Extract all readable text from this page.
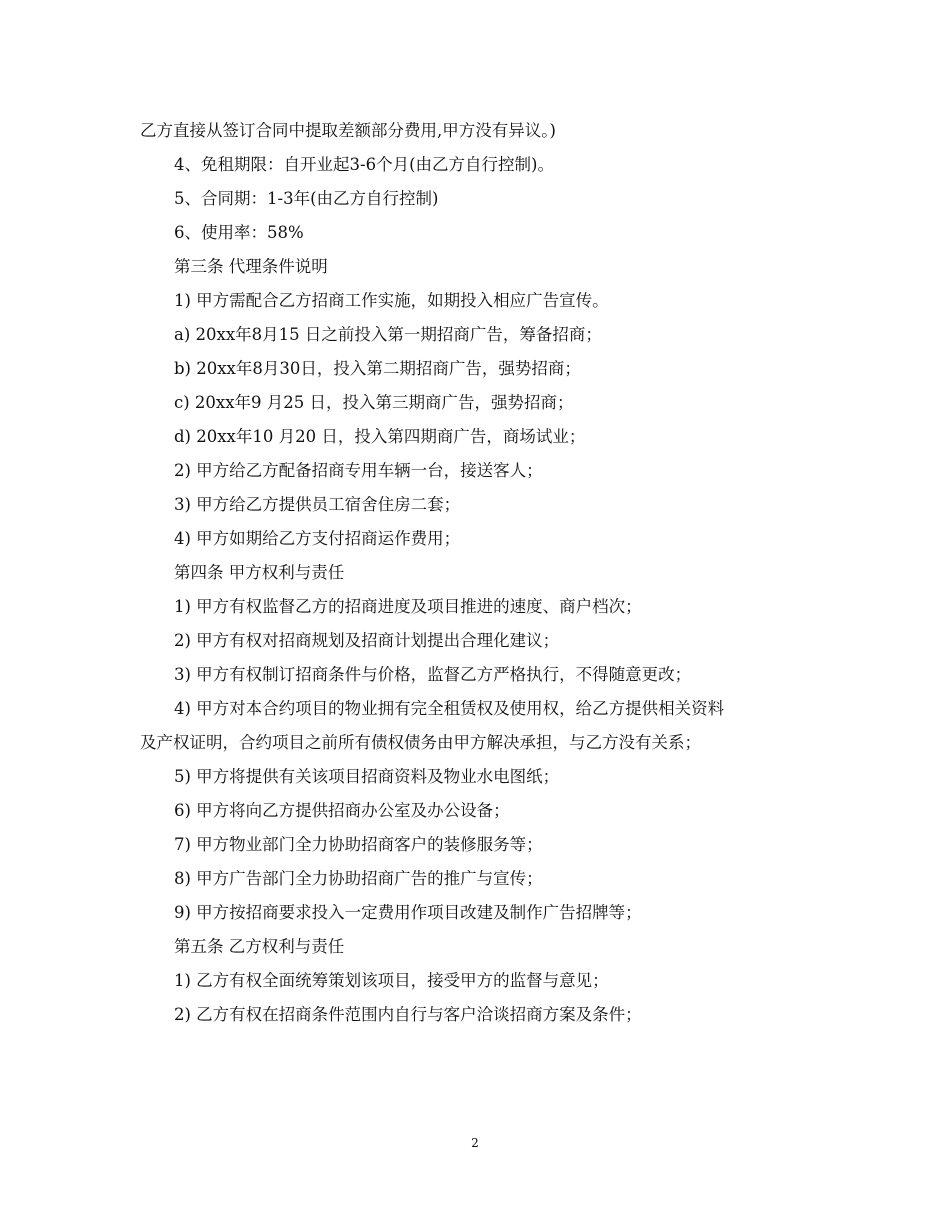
乙方直接从签订合同中提取差额部分费用,甲方没有异议。)
4、免租期限：自开业起3-6个月(由乙方自行控制)。
5、合同期：1-3年(由乙方自行控制)
6、使用率：58%
第三条 代理条件说明
1) 甲方需配合乙方招商工作实施，如期投入相应广告宣传。
a) 20xx年8月15 日之前投入第一期招商广告，筹备招商；
b) 20xx年8月30日，投入第二期招商广告，强势招商；
c) 20xx年9 月25 日，投入第三期商广告，强势招商；
d) 20xx年10 月20 日，投入第四期商广告，商场试业；
2) 甲方给乙方配备招商专用车辆一台，接送客人；
3) 甲方给乙方提供员工宿舍住房二套；
4) 甲方如期给乙方支付招商运作费用；
第四条 甲方权利与责任
1) 甲方有权监督乙方的招商进度及项目推进的速度、商户档次；
2) 甲方有权对招商规划及招商计划提出合理化建议；
3) 甲方有权制订招商条件与价格，监督乙方严格执行，不得随意更改；
4) 甲方对本合约项目的物业拥有完全租赁权及使用权，给乙方提供相关资料
及产权证明，合约项目之前所有债权债务由甲方解决承担，与乙方没有关系；
5) 甲方将提供有关该项目招商资料及物业水电图纸；
6) 甲方将向乙方提供招商办公室及办公设备；
7) 甲方物业部门全力协助招商客户的装修服务等；
8) 甲方广告部门全力协助招商广告的推广与宣传；
9) 甲方按招商要求投入一定费用作项目改建及制作广告招牌等；
第五条 乙方权利与责任
1) 乙方有权全面统筹策划该项目，接受甲方的监督与意见；
2) 乙方有权在招商条件范围内自行与客户洽谈招商方案及条件；
2
